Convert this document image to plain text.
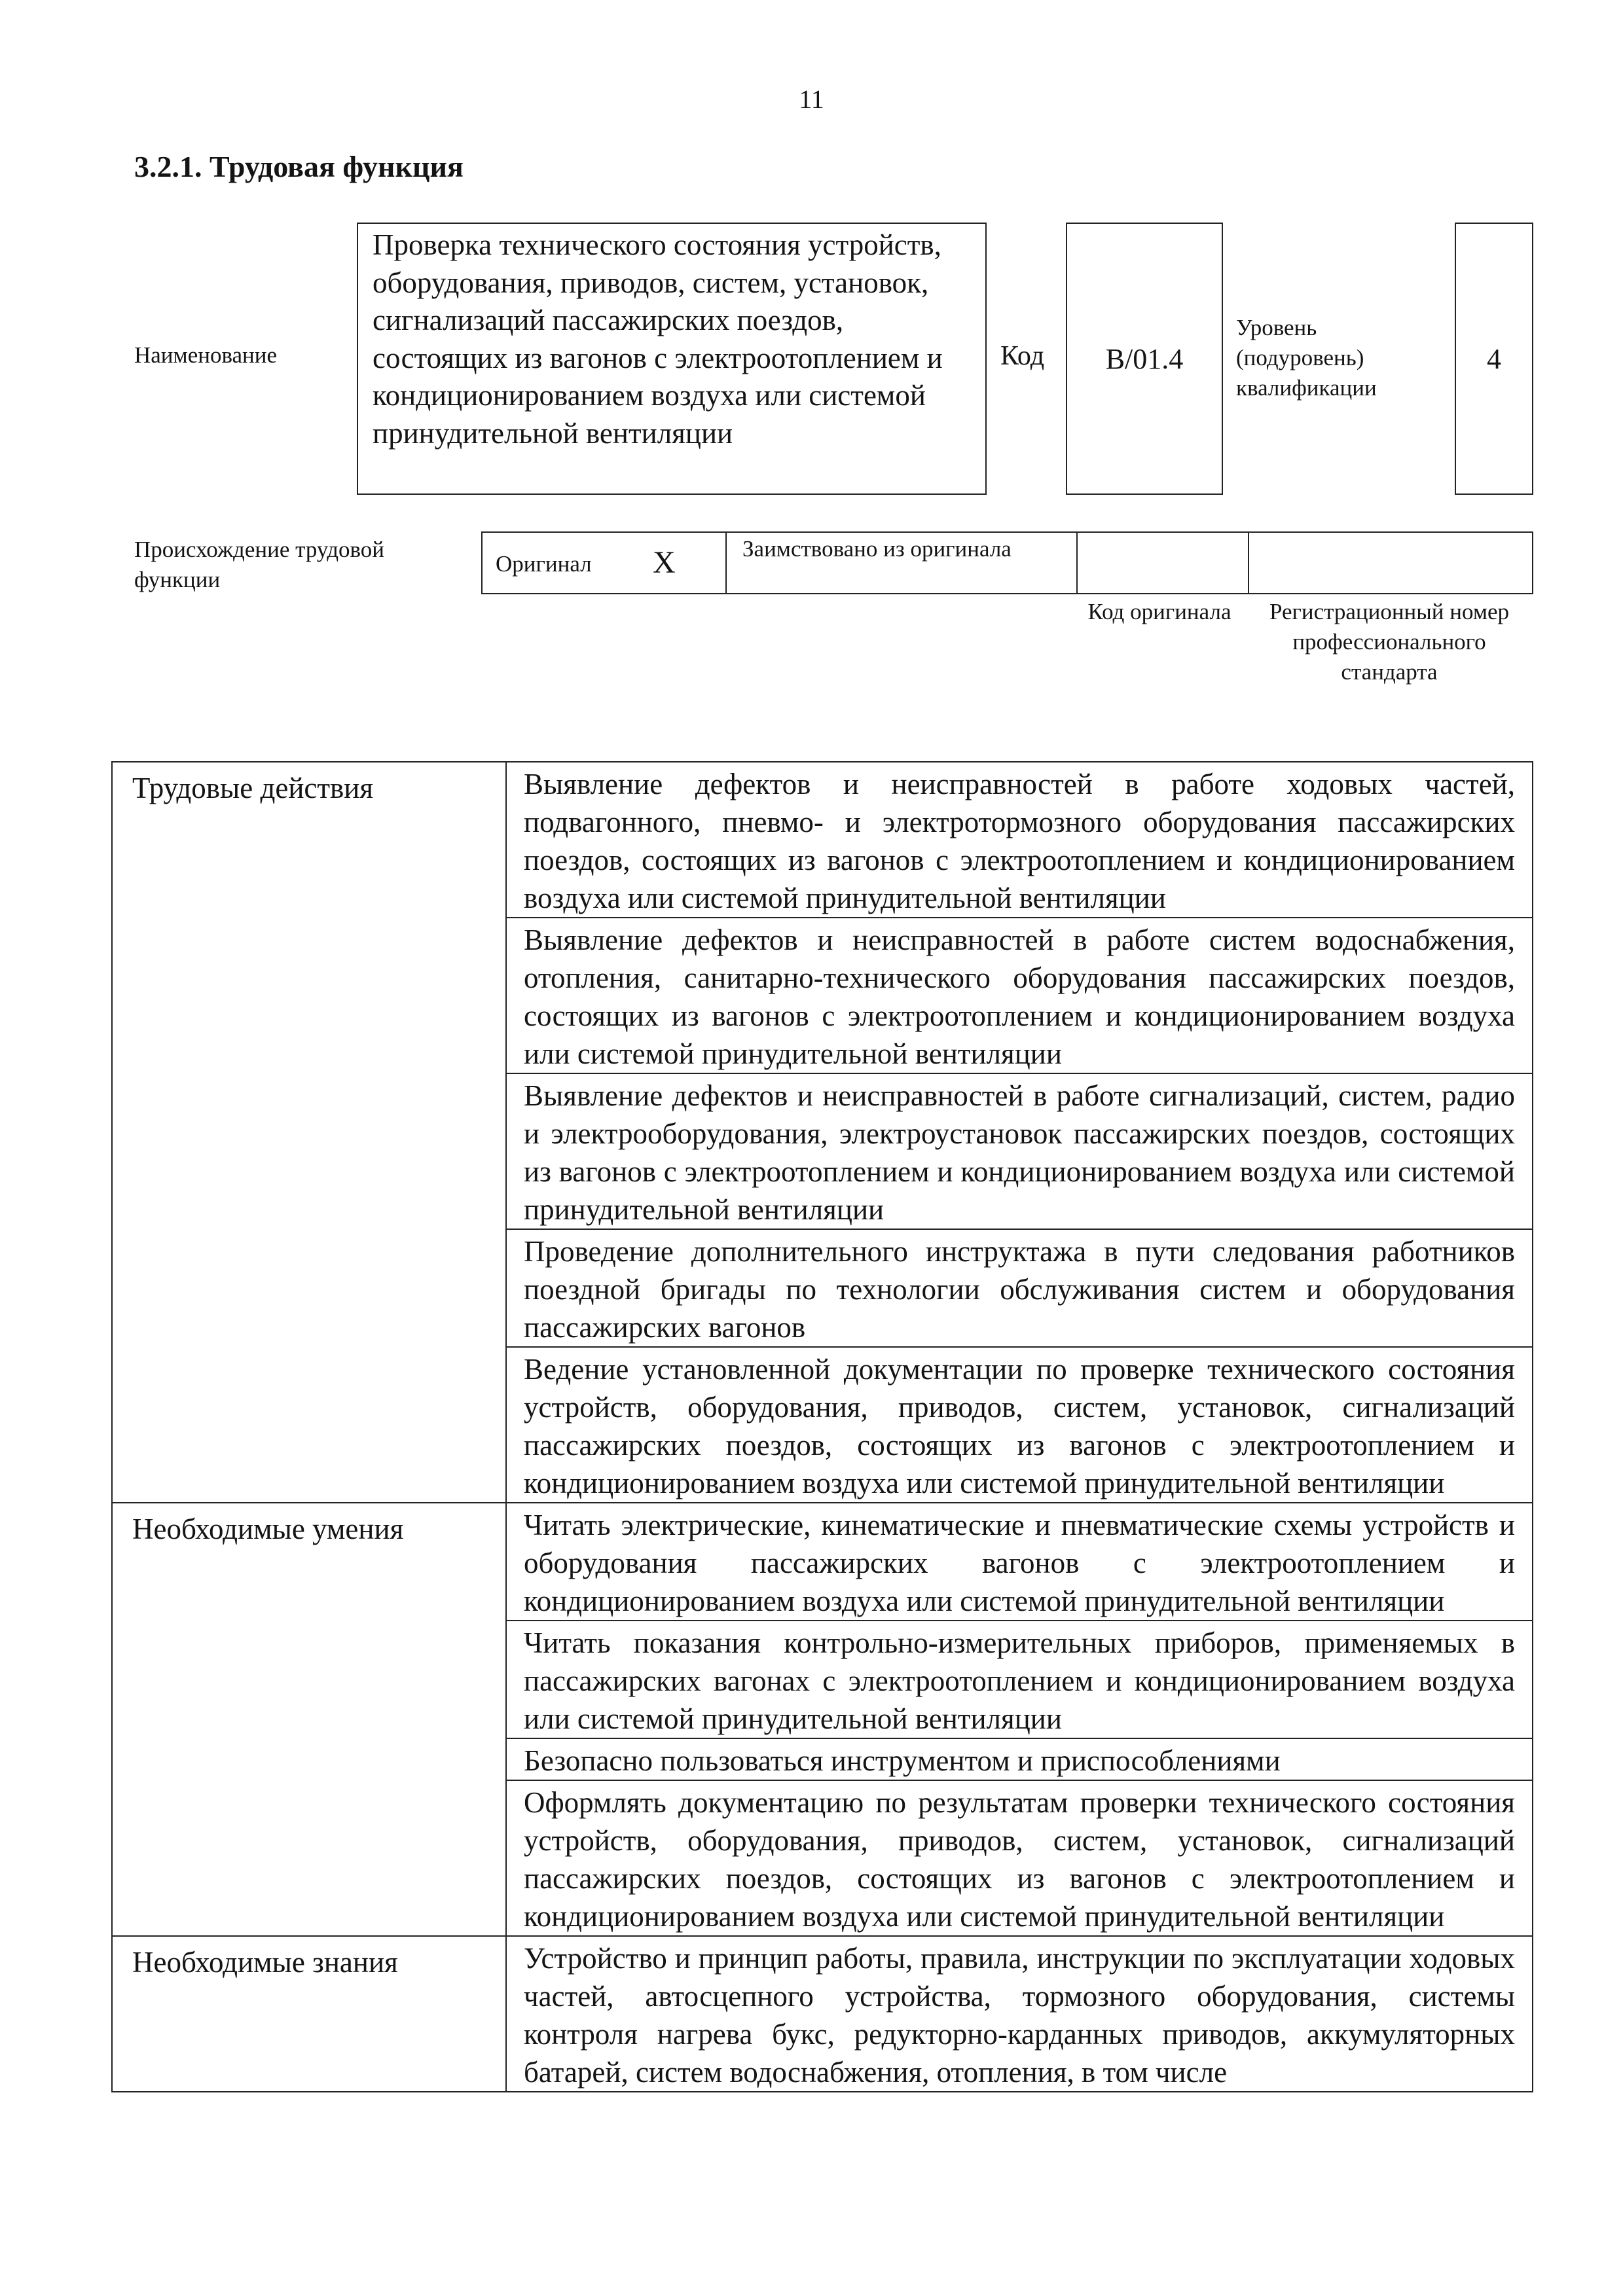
11
3.2.1. Трудовая функция
Наименование
Проверка технического состояния устройств, оборудования, приводов, систем, установок, сигнализаций пассажирских поездов, состоящих из вагонов с электроотоплением и кондиционированием воздуха или системой принудительной вентиляции
Код B/01.4
Уровень (подуровень) квалификации
4
Происхождение трудовой функции
Оригинал X	Заимствовано из оригинала
Код оригинала	Регистрационный номер профессионального стандарта
Трудовые действия	Выявление дефектов и неисправностей в работе ходовых частей, подвагонного, пневмо- и электротормозного оборудования пассажирских поездов, состоящих из вагонов с электроотоплением и кондиционированием воздуха или системой принудительной вентиляции
	Выявление дефектов и неисправностей в работе систем водоснабжения, отопления, санитарно-технического оборудования пассажирских поездов, состоящих из вагонов с электроотоплением и кондиционированием воздуха или системой принудительной вентиляции
	Выявление дефектов и неисправностей в работе сигнализаций, систем, радио и электрооборудования, электроустановок пассажирских поездов, состоящих из вагонов с электроотоплением и кондиционированием воздуха или системой принудительной вентиляции
	Проведение дополнительного инструктажа в пути следования работников поездной бригады по технологии обслуживания систем и оборудования пассажирских вагонов
	Ведение установленной документации по проверке технического состояния устройств, оборудования, приводов, систем, установок, сигнализаций пассажирских поездов, состоящих из вагонов с электроотоплением и кондиционированием воздуха или системой принудительной вентиляции
Необходимые умения	Читать электрические, кинематические и пневматические схемы устройств и оборудования пассажирских вагонов с электроотоплением и кондиционированием воздуха или системой принудительной вентиляции
	Читать показания контрольно-измерительных приборов, применяемых в пассажирских вагонах с электроотоплением и кондиционированием воздуха или системой принудительной вентиляции
	Безопасно пользоваться инструментом и приспособлениями
	Оформлять документацию по результатам проверки технического состояния устройств, оборудования, приводов, систем, установок, сигнализаций пассажирских поездов, состоящих из вагонов с электроотоплением и кондиционированием воздуха или системой принудительной вентиляции
Необходимые знания	Устройство и принцип работы, правила, инструкции по эксплуатации ходовых частей, автосцепного устройства, тормозного оборудования, системы контроля нагрева букс, редукторно-карданных приводов, аккумуляторных батарей, систем водоснабжения, отопления, в том числе
